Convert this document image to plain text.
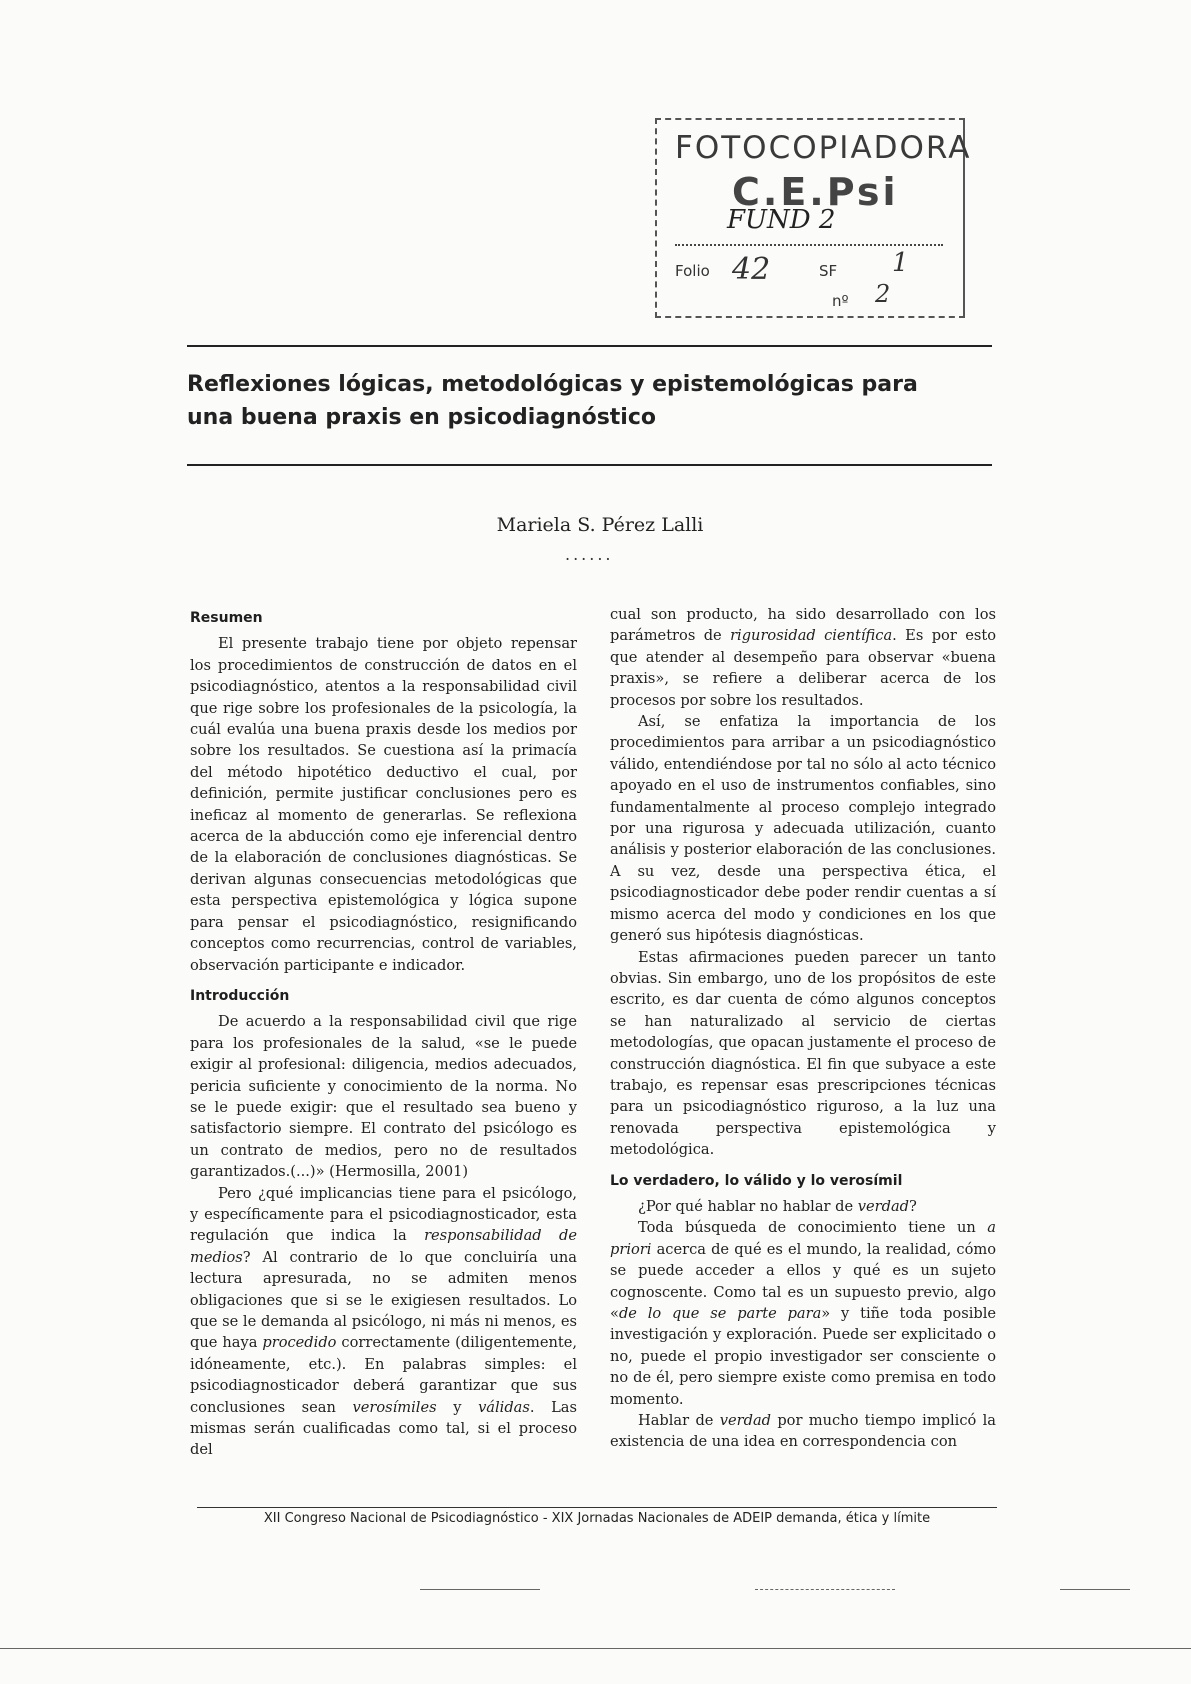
FOTOCOPIADORA
C.E.Psi
FUND 2
Folio 42	SF 1
nº 2
Reflexiones lógicas, metodológicas y epistemológicas para una buena praxis en psicodiagnóstico
Mariela S. Pérez Lalli
......
Resumen

El presente trabajo tiene por objeto repensar los procedimientos de construcción de datos en el psicodiagnóstico, atentos a la responsabilidad civil que rige sobre los profesionales de la psicología, la cuál evalúa una buena praxis desde los medios por sobre los resultados. Se cuestiona así la primacía del método hipotético deductivo el cual, por definición, permite justificar conclusiones pero es ineficaz al momento de generarlas. Se reflexiona acerca de la abducción como eje inferencial dentro de la elaboración de conclusiones diagnósticas. Se derivan algunas consecuencias metodológicas que esta perspectiva epistemológica y lógica supone para pensar el psicodiagnóstico, resignificando conceptos como recurrencias, control de variables, observación participante e indicador.

Introducción

De acuerdo a la responsabilidad civil que rige para los profesionales de la salud, «se le puede exigir al profesional: diligencia, medios adecuados, pericia suficiente y conocimiento de la norma. No se le puede exigir: que el resultado sea bueno y satisfactorio siempre. El contrato del psicólogo es un contrato de medios, pero no de resultados garantizados.(...)» (Hermosilla, 2001)

Pero ¿qué implicancias tiene para el psicólogo, y específicamente para el psicodiagnosticador, esta regulación que indica la responsabilidad de medios? Al contrario de lo que concluiría una lectura apresurada, no se admiten menos obligaciones que si se le exigiesen resultados. Lo que se le demanda al psicólogo, ni más ni menos, es que haya procedido correctamente (diligentemente, idóneamente, etc.). En palabras simples: el psicodiagnosticador deberá garantizar que sus conclusiones sean verosímiles y válidas. Las mismas serán cualificadas como tal, si el proceso del

cual son producto, ha sido desarrollado con los parámetros de rigurosidad científica. Es por esto que atender al desempeño para observar «buena praxis», se refiere a deliberar acerca de los procesos por sobre los resultados.

Así, se enfatiza la importancia de los procedimientos para arribar a un psicodiagnóstico válido, entendiéndose por tal no sólo al acto técnico apoyado en el uso de instrumentos confiables, sino fundamentalmente al proceso complejo integrado por una rigurosa y adecuada utilización, cuanto análisis y posterior elaboración de las conclusiones. A su vez, desde una perspectiva ética, el psicodiagnosticador debe poder rendir cuentas a sí mismo acerca del modo y condiciones en los que generó sus hipótesis diagnósticas.

Estas afirmaciones pueden parecer un tanto obvias. Sin embargo, uno de los propósitos de este escrito, es dar cuenta de cómo algunos conceptos se han naturalizado al servicio de ciertas metodologías, que opacan justamente el proceso de construcción diagnóstica. El fin que subyace a este trabajo, es repensar esas prescripciones técnicas para un psicodiagnóstico riguroso, a la luz una renovada perspectiva epistemológica y metodológica.

Lo verdadero, lo válido y lo verosímil

¿Por qué hablar no hablar de verdad?

Toda búsqueda de conocimiento tiene un a priori acerca de qué es el mundo, la realidad, cómo se puede acceder a ellos y qué es un sujeto cognoscente. Como tal es un supuesto previo, algo «de lo que se parte para» y tiñe toda posible investigación y exploración. Puede ser explicitado o no, puede el propio investigador ser consciente o no de él, pero siempre existe como premisa en todo momento.

Hablar de verdad por mucho tiempo implicó la existencia de una idea en correspondencia con

XII Congreso Nacional de Psicodiagnóstico - XIX Jornadas Nacionales de ADEIP demanda, ética y límite
